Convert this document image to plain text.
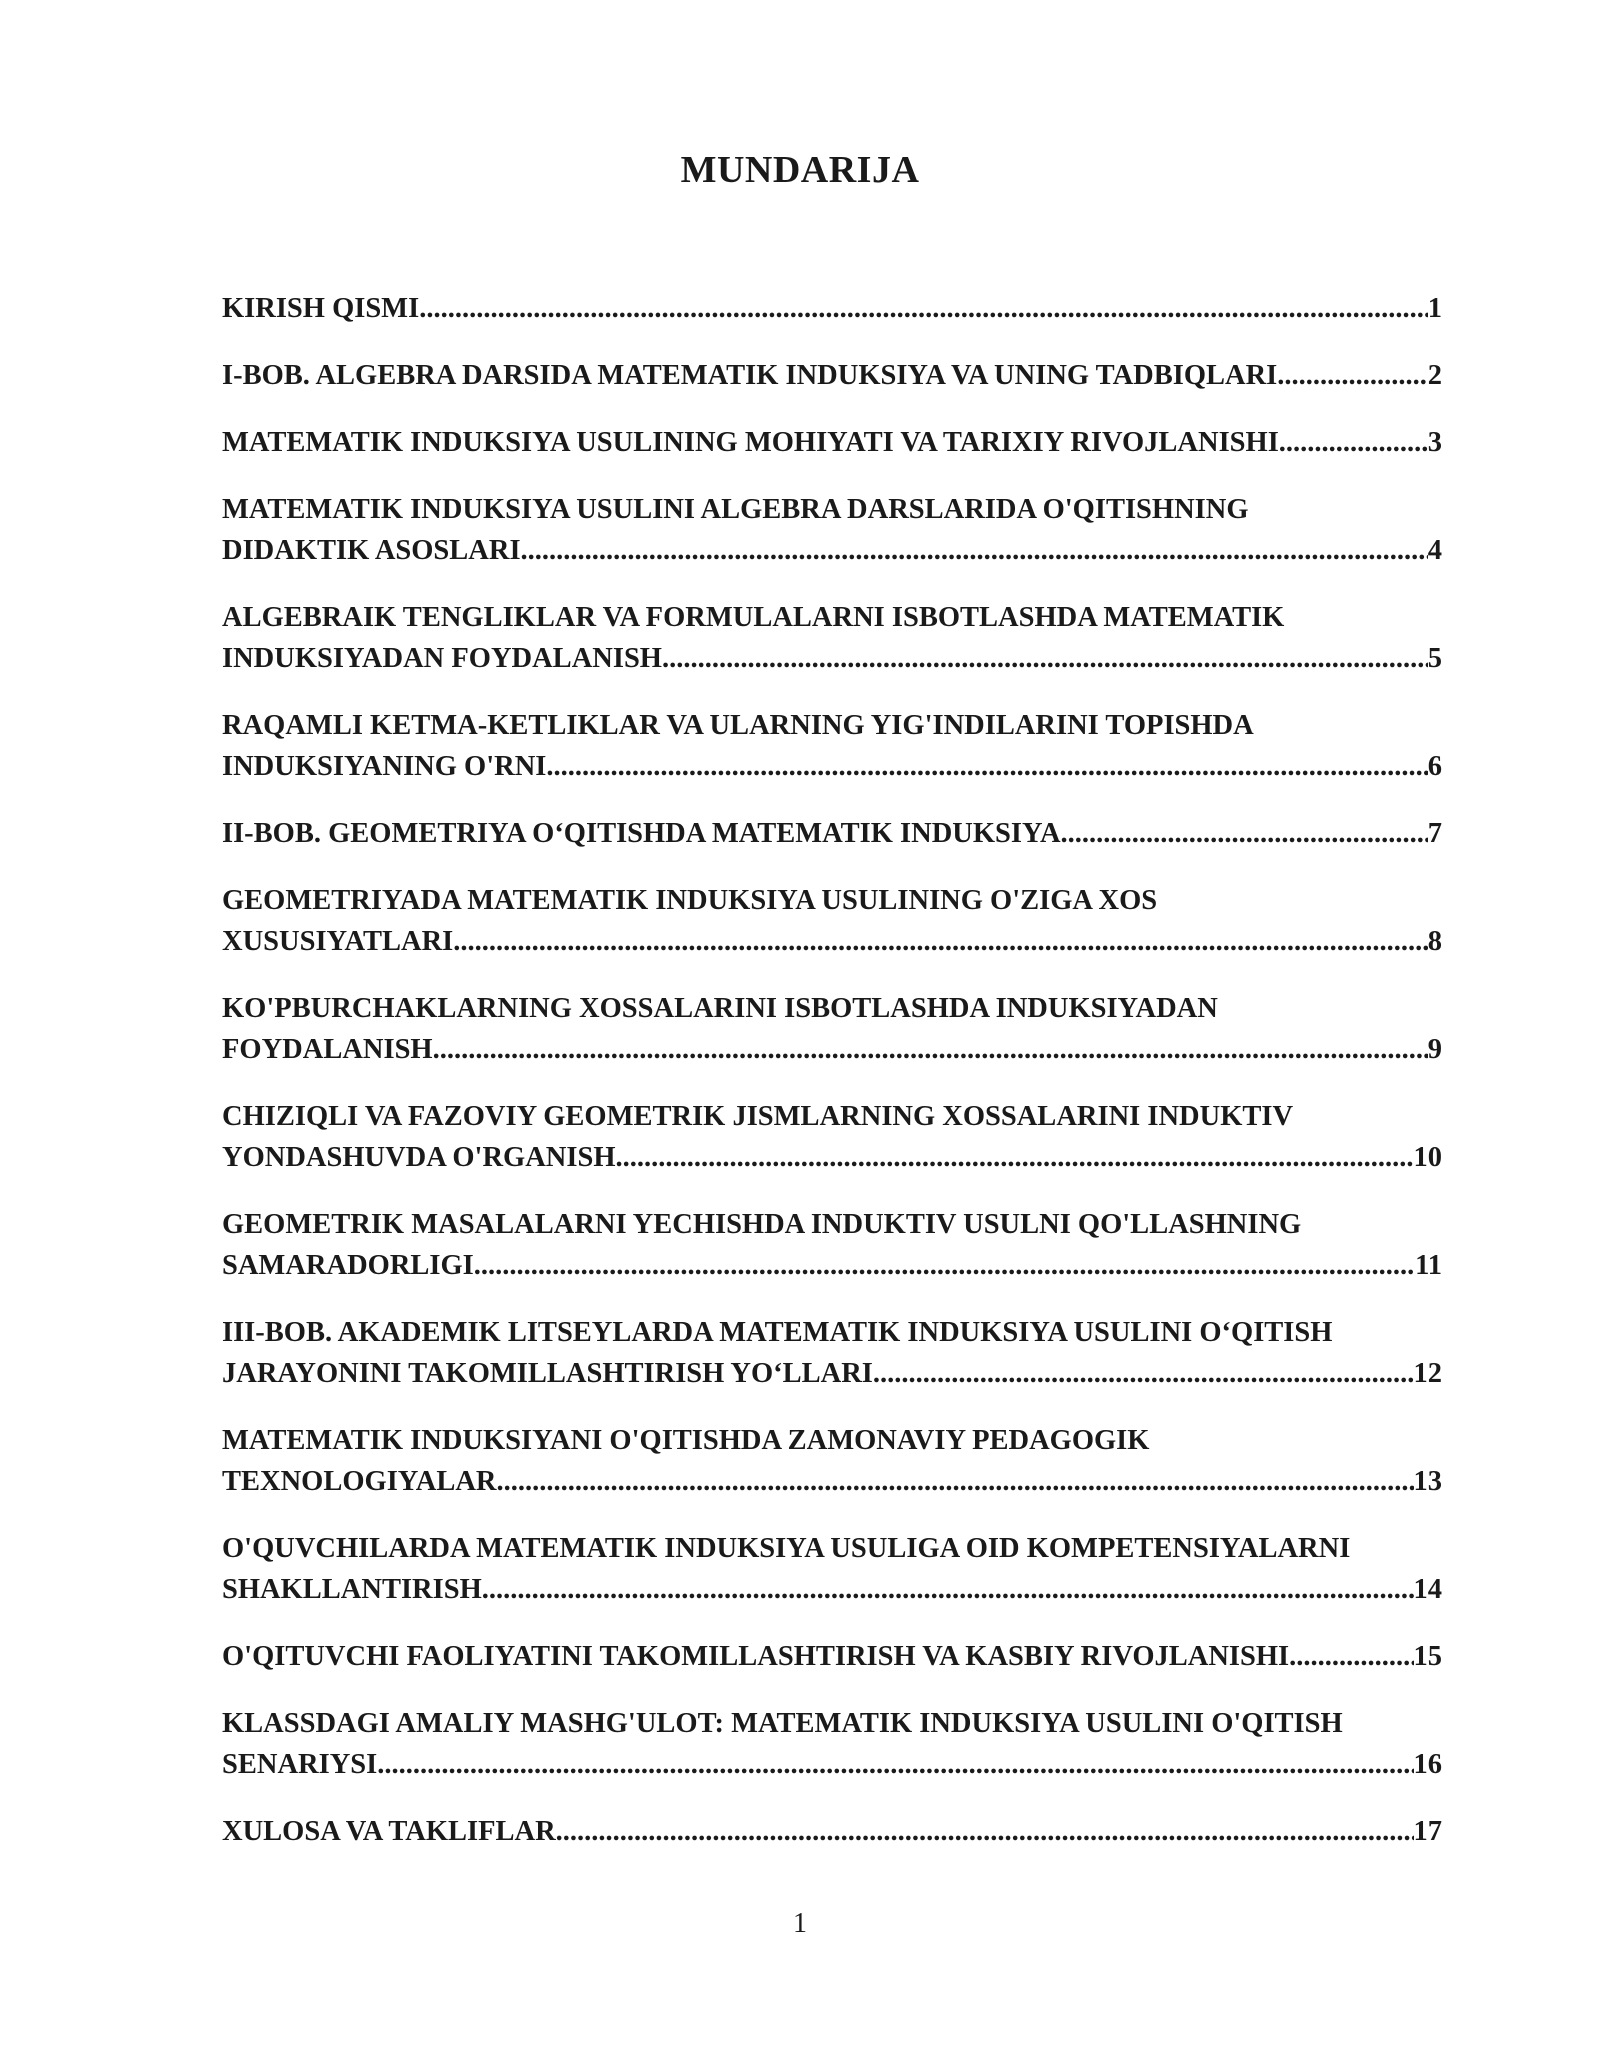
MUNDARIJA
KIRISH QISMI .....	1
I-BOB. ALGEBRA DARSIDA MATEMATIK INDUKSIYA VA UNING TADBIQLARI. .....	2
MATEMATIK INDUKSIYA USULINING MOHIYATI VA TARIXIY RIVOJLANISHI. .....	3
MATEMATIK INDUKSIYA USULINI ALGEBRA DARSLARIDA O'QITISHNING
DIDAKTIK ASOSLARI .....	4
ALGEBRAIK TENGLIKLAR VA FORMULALARNI ISBOTLASHDA MATEMATIK
INDUKSIYADAN FOYDALANISH .....	5
RAQAMLI KETMA-KETLIKLAR VA ULARNING YIG'INDILARINI TOPISHDA
INDUKSIYANING O'RNI .....	6
II-BOB. GEOMETRIYA O‘QITISHDA MATEMATIK INDUKSIYA .....	7
GEOMETRIYADA MATEMATIK INDUKSIYA USULINING O'ZIGA XOS
XUSUSIYATLARI .....	8
KO'PBURCHAKLARNING XOSSALARINI ISBOTLASHDA INDUKSIYADAN
FOYDALANISH .....	9
CHIZIQLI VA FAZOVIY GEOMETRIK JISMLARNING XOSSALARINI INDUKTIV
YONDASHUVDA O'RGANISH .....	10
GEOMETRIK MASALALARNI YECHISHDA INDUKTIV USULNI QO'LLASHNING
SAMARADORLIGI .....	11
III-BOB. AKADEMIK LITSEYLARDA MATEMATIK INDUKSIYA USULINI O‘QITISH
JARAYONINI TAKOMILLASHTIRISH YO‘LLARI .....	12
MATEMATIK INDUKSIYANI O'QITISHDA ZAMONAVIY PEDAGOGIK
TEXNOLOGIYALAR .....	13
O'QUVCHILARDA MATEMATIK INDUKSIYA USULIGA OID KOMPETENSIYALARNI
SHAKLLANTIRISH .....	14
O'QITUVCHI FAOLIYATINI TAKOMILLASHTIRISH VA KASBIY RIVOJLANISHI .....	15
KLASSDAGI AMALIY MASHG'ULOT: MATEMATIK INDUKSIYA USULINI O'QITISH
SENARIYSI .....	16
XULOSA VA TAKLIFLAR .....	17
1
